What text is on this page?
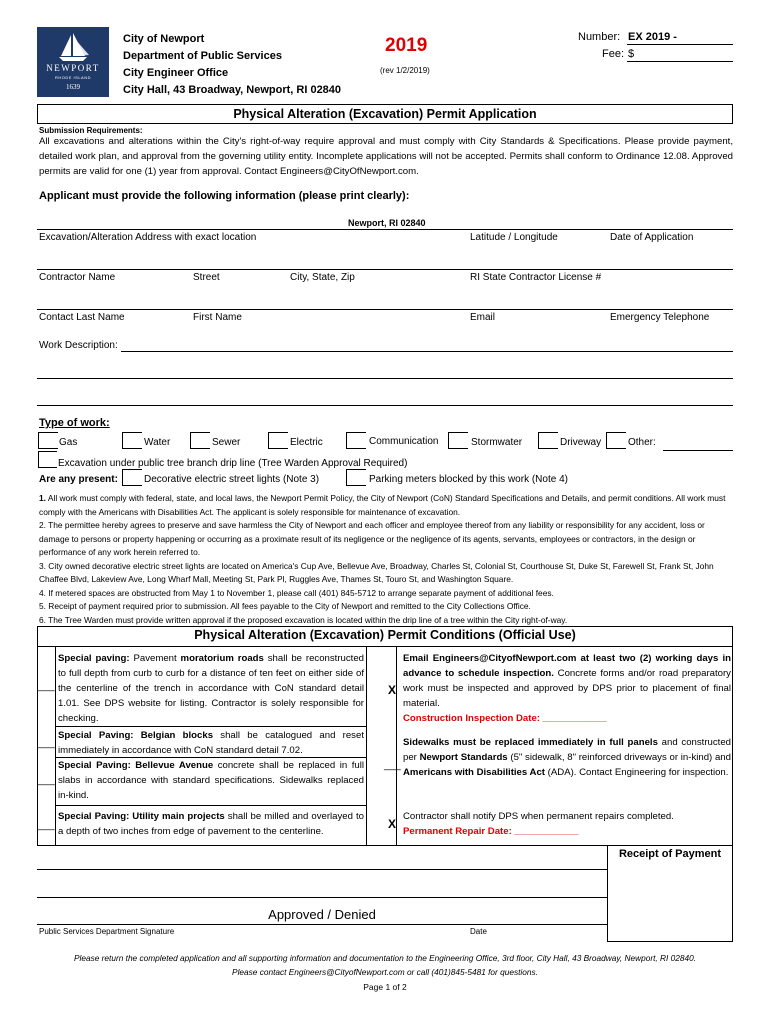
NEWPORT
RHODE ISLAND
1639
City of Newport
Department of Public Services
City Engineer Office
City Hall, 43 Broadway, Newport, RI 02840
2019
(rev 1/2/2019)
Number: EX 2019 -
Fee: $
Physical Alteration (Excavation) Permit Application
Submission Requirements:
All excavations and alterations within the City's right-of-way require approval and must comply with City Standards & Specifications. Please provide payment, detailed work plan, and approval from the governing utility entity. Incomplete applications will not be accepted. Permits shall conform to Ordinance 12.08. Approved permits are valid for one (1) year from approval. Contact Engineers@CityOfNewport.com.
Applicant must provide the following information (please print clearly):
Newport, RI 02840
Excavation/Alteration Address with exact location	Latitude / Longitude	Date of Application
Contractor Name	Street	City, State, Zip	RI State Contractor License #
Contact Last Name	First Name	Email	Emergency Telephone
Work Description:
Type of work:
Gas	Water	Sewer	Electric	Communication	Stormwater	Driveway	Other:
Excavation under public tree branch drip line (Tree Warden Approval Required)
Are any present:	Decorative electric street lights (Note 3)	Parking meters blocked by this work (Note 4)
1. All work must comply with federal, state, and local laws, the Newport Permit Policy, the City of Newport (CoN) Standard Specifications and Details, and permit conditions. All work must comply with the Americans with Disabilities Act. The applicant is solely responsible for maintenance of excavation.
2. The permittee hereby agrees to preserve and save harmless the City of Newport and each officer and employee thereof from any liability or responsibility for any accident, loss or damage to persons or property happening or occurring as a proximate result of its negligence or the negligence of its agents, servants, employees or contractors, in the design or performance of any work herein referred to.
3. City owned decorative electric street lights are located on America's Cup Ave, Bellevue Ave, Broadway, Charles St, Colonial St, Courthouse St, Duke St, Farewell St, Frank St, John Chaffee Blvd, Lakeview Ave, Long Wharf Mall, Meeting St, Park Pl, Ruggles Ave, Thames St, Touro St, and Washington Square.
4. If metered spaces are obstructed from May 1 to November 1, please call (401) 845-5712 to arrange separate payment of additional fees.
5. Receipt of payment required prior to submission. All fees payable to the City of Newport and remitted to the City Collections Office.
6. The Tree Warden must provide written approval if the proposed excavation is located within the drip line of a tree within the City right-of-way.
Physical Alteration (Excavation) Permit Conditions (Official Use)
___
Special paving: Pavement moratorium roads shall be reconstructed to full depth from curb to curb for a distance of ten feet on either side of the centerline of the trench in accordance with CoN standard detail 1.01. See DPS website for listing. Contractor is solely responsible for checking.
___
Special Paving: Belgian blocks shall be catalogued and reset immediately in accordance with CoN standard detail 7.02.
___
Special Paving: Bellevue Avenue concrete shall be replaced in full slabs in accordance with standard specifications. Sidewalks replaced in-kind.
___
Special Paving: Utility main projects shall be milled and overlayed to a depth of two inches from edge of pavement to the centerline.
X
Email Engineers@CityofNewport.com at least two (2) working days in advance to schedule inspection. Concrete forms and/or road preparatory work must be inspected and approved by DPS prior to placement of final material.
Construction Inspection Date: ____________
___
Sidewalks must be replaced immediately in full panels and constructed per Newport Standards (5" sidewalk, 8" reinforced driveways or in-kind) and Americans with Disabilities Act (ADA). Contact Engineering for inspection.
X
Contractor shall notify DPS when permanent repairs completed.
Permanent Repair Date: ____________
Receipt of Payment
Approved / Denied
Public Services Department Signature	Date
Please return the completed application and all supporting information and documentation to the Engineering Office, 3rd floor, City Hall, 43 Broadway, Newport, RI 02840.
Please contact Engineers@CityofNewport.com or call (401)845-5481 for questions.
Page 1 of 2
